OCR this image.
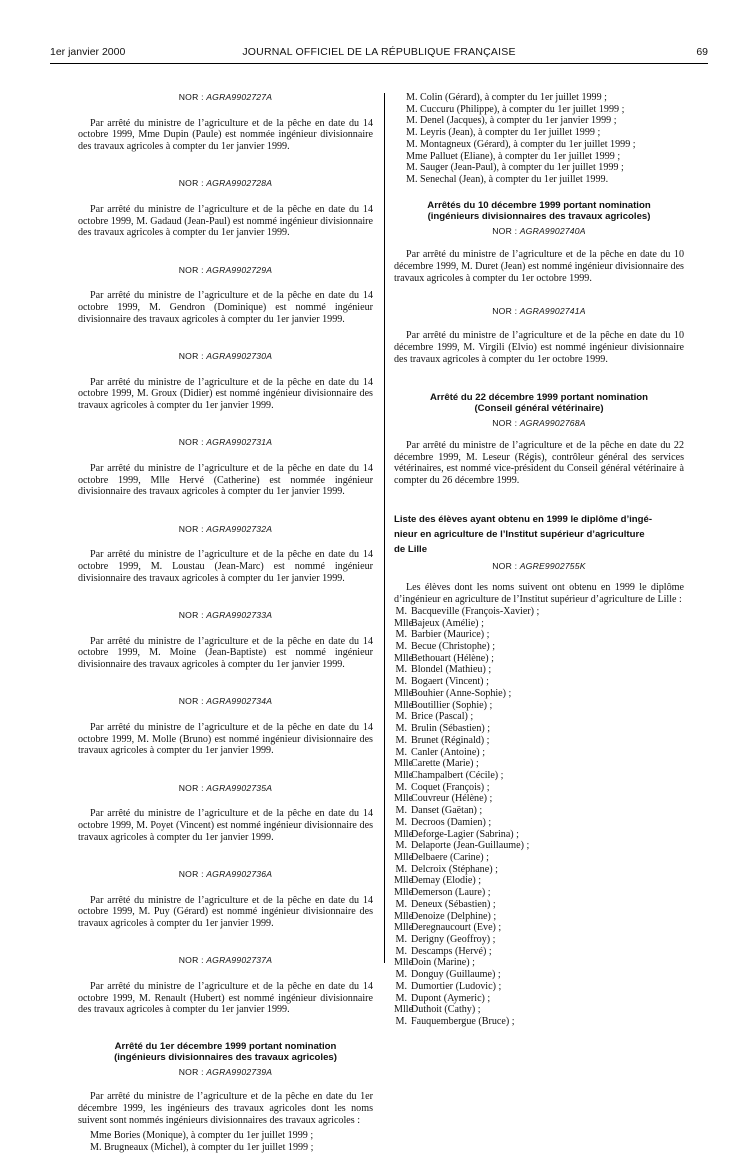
1er janvier 2000	JOURNAL OFFICIEL DE LA RÉPUBLIQUE FRANÇAISE	69
NOR : AGRA9902727A

Par arrêté du ministre de l’agriculture et de la pêche en date du 14 octobre 1999, Mme Dupin (Paule) est nommée ingénieur divisionnaire des travaux agricoles à compter du 1er janvier 1999.

NOR : AGRA9902728A

Par arrêté du ministre de l’agriculture et de la pêche en date du 14 octobre 1999, M. Gadaud (Jean-Paul) est nommé ingénieur divisionnaire des travaux agricoles à compter du 1er janvier 1999.

NOR : AGRA9902729A

Par arrêté du ministre de l’agriculture et de la pêche en date du 14 octobre 1999, M. Gendron (Dominique) est nommé ingénieur divisionnaire des travaux agricoles à compter du 1er janvier 1999.

NOR : AGRA9902730A

Par arrêté du ministre de l’agriculture et de la pêche en date du 14 octobre 1999, M. Groux (Didier) est nommé ingénieur divisionnaire des travaux agricoles à compter du 1er janvier 1999.

NOR : AGRA9902731A

Par arrêté du ministre de l’agriculture et de la pêche en date du 14 octobre 1999, Mlle Hervé (Catherine) est nommée ingénieur divisionnaire des travaux agricoles à compter du 1er janvier 1999.

NOR : AGRA9902732A

Par arrêté du ministre de l’agriculture et de la pêche en date du 14 octobre 1999, M. Loustau (Jean-Marc) est nommé ingénieur divisionnaire des travaux agricoles à compter du 1er janvier 1999.

NOR : AGRA9902733A

Par arrêté du ministre de l’agriculture et de la pêche en date du 14 octobre 1999, M. Moine (Jean-Baptiste) est nommé ingénieur divisionnaire des travaux agricoles à compter du 1er janvier 1999.

NOR : AGRA9902734A

Par arrêté du ministre de l’agriculture et de la pêche en date du 14 octobre 1999, M. Molle (Bruno) est nommé ingénieur divisionnaire des travaux agricoles à compter du 1er janvier 1999.

NOR : AGRA9902735A

Par arrêté du ministre de l’agriculture et de la pêche en date du 14 octobre 1999, M. Poyet (Vincent) est nommé ingénieur divisionnaire des travaux agricoles à compter du 1er janvier 1999.

NOR : AGRA9902736A

Par arrêté du ministre de l’agriculture et de la pêche en date du 14 octobre 1999, M. Puy (Gérard) est nommé ingénieur divisionnaire des travaux agricoles à compter du 1er janvier 1999.

NOR : AGRA9902737A

Par arrêté du ministre de l’agriculture et de la pêche en date du 14 octobre 1999, M. Renault (Hubert) est nommé ingénieur divisionnaire des travaux agricoles à compter du 1er janvier 1999.

Arrêté du 1er décembre 1999 portant nomination
(ingénieurs divisionnaires des travaux agricoles)
NOR : AGRA9902739A

Par arrêté du ministre de l’agriculture et de la pêche en date du 1er décembre 1999, les ingénieurs des travaux agricoles dont les noms suivent sont nommés ingénieurs divisionnaires des travaux agricoles :

Mme Bories (Monique), à compter du 1er juillet 1999 ;
M. Brugneaux (Michel), à compter du 1er juillet 1999 ;
M. Colin (Gérard), à compter du 1er juillet 1999 ;
M. Cuccuru (Philippe), à compter du 1er juillet 1999 ;
M. Denel (Jacques), à compter du 1er janvier 1999 ;
M. Leyris (Jean), à compter du 1er juillet 1999 ;
M. Montagneux (Gérard), à compter du 1er juillet 1999 ;
Mme Palluet (Eliane), à compter du 1er juillet 1999 ;
M. Sauger (Jean-Paul), à compter du 1er juillet 1999 ;
M. Senechal (Jean), à compter du 1er juillet 1999.
Arrêtés du 10 décembre 1999 portant nomination
(ingénieurs divisionnaires des travaux agricoles)
NOR : AGRA9902740A

Par arrêté du ministre de l’agriculture et de la pêche en date du 10 décembre 1999, M. Duret (Jean) est nommé ingénieur divisionnaire des travaux agricoles à compter du 1er octobre 1999.

NOR : AGRA9902741A

Par arrêté du ministre de l’agriculture et de la pêche en date du 10 décembre 1999, M. Virgili (Elvio) est nommé ingénieur divisionnaire des travaux agricoles à compter du 1er octobre 1999.

Arrêté du 22 décembre 1999 portant nomination
(Conseil général vétérinaire)
NOR : AGRA9902768A

Par arrêté du ministre de l’agriculture et de la pêche en date du 22 décembre 1999, M. Leseur (Régis), contrôleur général des services vétérinaires, est nommé vice-président du Conseil général vétérinaire à compter du 26 décembre 1999.

Liste des élèves ayant obtenu en 1999 le diplôme d’ingé-
nieur en agriculture de l’Institut supérieur d’agriculture
de Lille
NOR : AGRE9902755K

Les élèves dont les noms suivent ont obtenu en 1999 le diplôme d’ingénieur en agriculture de l’Institut supérieur d’agriculture de Lille :

M. Bacqueville (François-Xavier) ;
MlleBajeux (Amélie) ;
M. Barbier (Maurice) ;
M. Becue (Christophe) ;
MlleBethouart (Hélène) ;
M. Blondel (Mathieu) ;
M. Bogaert (Vincent) ;
MlleBouhier (Anne-Sophie) ;
MlleBoutillier (Sophie) ;
M. Brice (Pascal) ;
M. Brulin (Sébastien) ;
M. Brunet (Réginald) ;
M. Canler (Antoine) ;
MlleCarette (Marie) ;
MlleChampalbert (Cécile) ;
M. Coquet (François) ;
MlleCouvreur (Hélène) ;
M. Danset (Gaëtan) ;
M. Decroos (Damien) ;
MlleDeforge-Lagier (Sabrina) ;
M. Delaporte (Jean-Guillaume) ;
MlleDelbaere (Carine) ;
M. Delcroix (Stéphane) ;
MlleDemay (Elodie) ;
MlleDemerson (Laure) ;
M. Deneux (Sébastien) ;
MlleDenoize (Delphine) ;
MlleDeregnaucourt (Eve) ;
M. Derigny (Geoffroy) ;
M. Descamps (Hervé) ;
MlleDoin (Marine) ;
M. Donguy (Guillaume) ;
M. Dumortier (Ludovic) ;
M. Dupont (Aymeric) ;
MlleDuthoit (Cathy) ;
M. Fauquembergue (Bruce) ;
